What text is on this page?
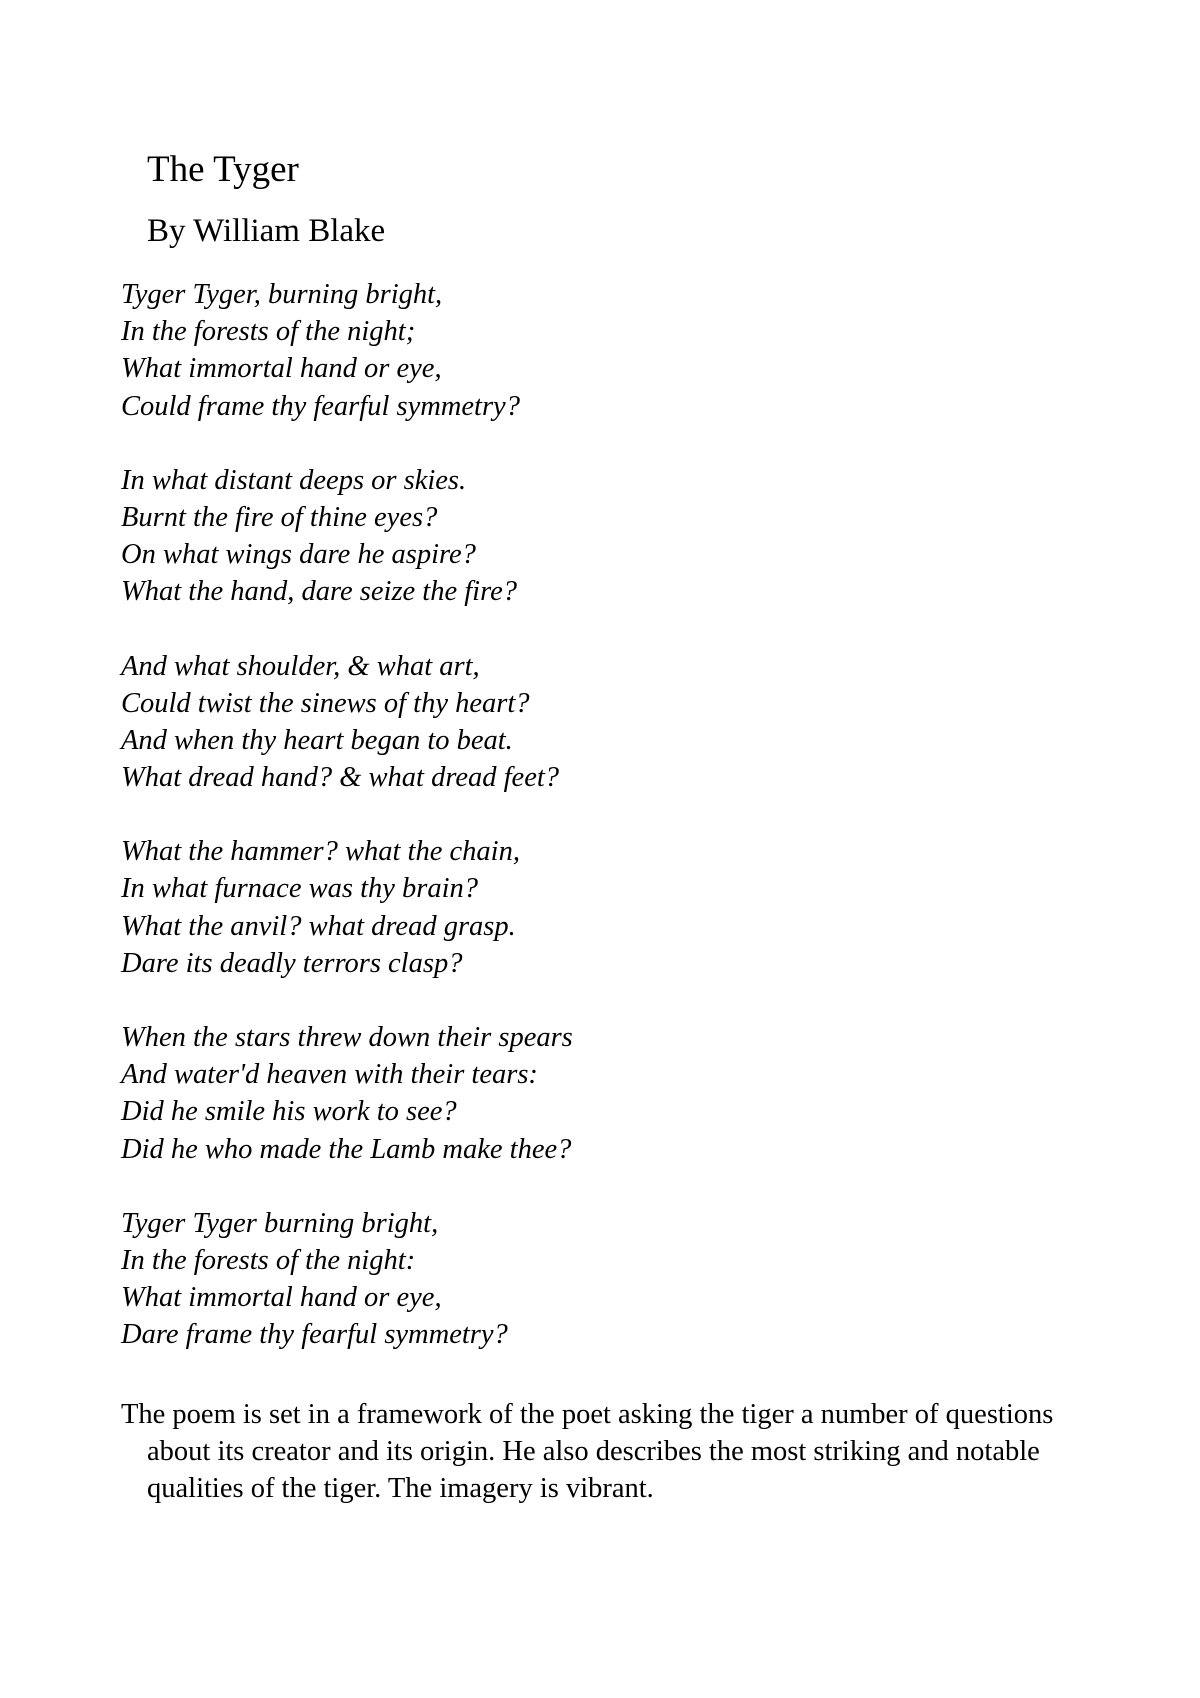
The Tyger
By William Blake
Tyger Tyger, burning bright,
In the forests of the night;
What immortal hand or eye,
Could frame thy fearful symmetry?
In what distant deeps or skies.
Burnt the fire of thine eyes?
On what wings dare he aspire?
What the hand, dare seize the fire?
And what shoulder, & what art,
Could twist the sinews of thy heart?
And when thy heart began to beat.
What dread hand? & what dread feet?
What the hammer? what the chain,
In what furnace was thy brain?
What the anvil? what dread grasp.
Dare its deadly terrors clasp?
When the stars threw down their spears
And water'd heaven with their tears:
Did he smile his work to see?
Did he who made the Lamb make thee?
Tyger Tyger burning bright,
In the forests of the night:
What immortal hand or eye,
Dare frame thy fearful symmetry?

The poem is set in a framework of the poet asking the tiger a number of questions about its creator and its origin. He also describes the most striking and notable qualities of the tiger. The imagery is vibrant.
